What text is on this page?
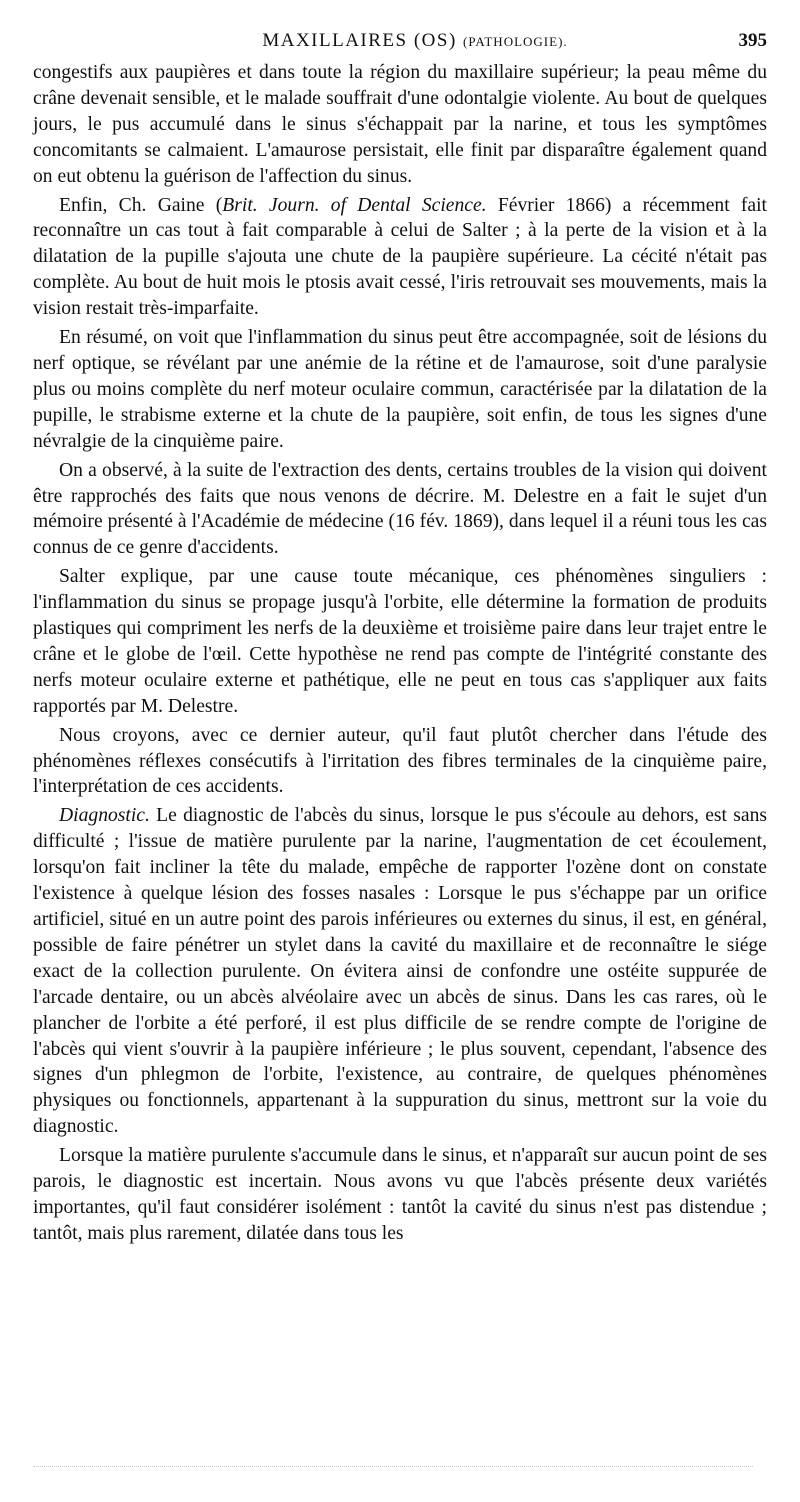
MAXILLAIRES (OS) (PATHOLOGIE).	395

congestifs aux paupières et dans toute la région du maxillaire supérieur; la peau même du crâne devenait sensible, et le malade souffrait d'une odontalgie violente. Au bout de quelques jours, le pus accumulé dans le sinus s'échappait par la narine, et tous les symptômes concomitants se calmaient. L'amaurose persistait, elle finit par disparaître également quand on eut obtenu la guérison de l'affection du sinus.

Enfin, Ch. Gaine (Brit. Journ. of Dental Science. Février 1866) a récemment fait reconnaître un cas tout à fait comparable à celui de Salter ; à la perte de la vision et à la dilatation de la pupille s'ajouta une chute de la paupière supérieure. La cécité n'était pas complète. Au bout de huit mois le ptosis avait cessé, l'iris retrouvait ses mouvements, mais la vision restait très-imparfaite.

En résumé, on voit que l'inflammation du sinus peut être accompagnée, soit de lésions du nerf optique, se révélant par une anémie de la rétine et de l'amaurose, soit d'une paralysie plus ou moins complète du nerf moteur oculaire commun, caractérisée par la dilatation de la pupille, le strabisme externe et la chute de la paupière, soit enfin, de tous les signes d'une névralgie de la cinquième paire.

On a observé, à la suite de l'extraction des dents, certains troubles de la vision qui doivent être rapprochés des faits que nous venons de décrire. M. Delestre en a fait le sujet d'un mémoire présenté à l'Académie de médecine (16 fév. 1869), dans lequel il a réuni tous les cas connus de ce genre d'accidents.

Salter explique, par une cause toute mécanique, ces phénomènes singuliers : l'inflammation du sinus se propage jusqu'à l'orbite, elle détermine la formation de produits plastiques qui compriment les nerfs de la deuxième et troisième paire dans leur trajet entre le crâne et le globe de l'œil. Cette hypothèse ne rend pas compte de l'intégrité constante des nerfs moteur oculaire externe et pathétique, elle ne peut en tous cas s'appliquer aux faits rapportés par M. Delestre.

Nous croyons, avec ce dernier auteur, qu'il faut plutôt chercher dans l'étude des phénomènes réflexes consécutifs à l'irritation des fibres terminales de la cinquième paire, l'interprétation de ces accidents.

Diagnostic. Le diagnostic de l'abcès du sinus, lorsque le pus s'écoule au dehors, est sans difficulté ; l'issue de matière purulente par la narine, l'augmentation de cet écoulement, lorsqu'on fait incliner la tête du malade, empêche de rapporter l'ozène dont on constate l'existence à quelque lésion des fosses nasales : Lorsque le pus s'échappe par un orifice artificiel, situé en un autre point des parois inférieures ou externes du sinus, il est, en général, possible de faire pénétrer un stylet dans la cavité du maxillaire et de reconnaître le siége exact de la collection purulente. On évitera ainsi de confondre une ostéite suppurée de l'arcade dentaire, ou un abcès alvéolaire avec un abcès de sinus. Dans les cas rares, où le plancher de l'orbite a été perforé, il est plus difficile de se rendre compte de l'origine de l'abcès qui vient s'ouvrir à la paupière inférieure ; le plus souvent, cependant, l'absence des signes d'un phlegmon de l'orbite, l'existence, au contraire, de quelques phénomènes physiques ou fonctionnels, appartenant à la suppuration du sinus, mettront sur la voie du diagnostic.

Lorsque la matière purulente s'accumule dans le sinus, et n'apparaît sur aucun point de ses parois, le diagnostic est incertain. Nous avons vu que l'abcès présente deux variétés importantes, qu'il faut considérer isolément : tantôt la cavité du sinus n'est pas distendue ; tantôt, mais plus rarement, dilatée dans tous les
